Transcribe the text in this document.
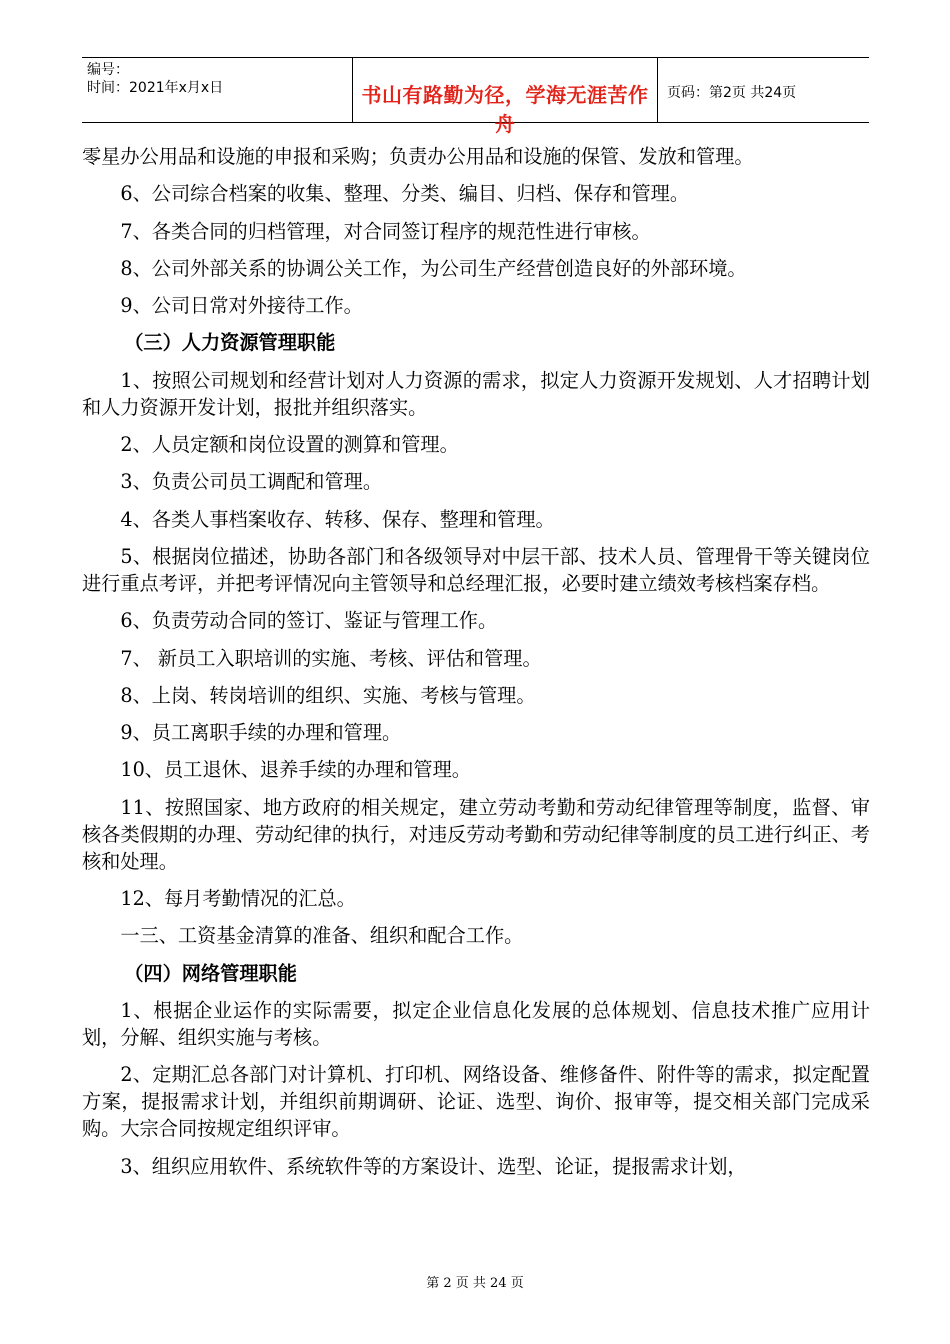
编号：
时间：2021年x月x日	书山有路勤为径，学海无涯苦作舟
页码：第2页 共24页

零星办公用品和设施的申报和采购；负责办公用品和设施的保管、发放和管理。

6、公司综合档案的收集、整理、分类、编目、归档、保存和管理。

7、各类合同的归档管理，对合同签订程序的规范性进行审核。

8、公司外部关系的协调公关工作，为公司生产经营创造良好的外部环境。

9、公司日常对外接待工作。

（三）人力资源管理职能

1、按照公司规划和经营计划对人力资源的需求，拟定人力资源开发规划、人才招聘计划和人力资源开发计划，报批并组织落实。

2、人员定额和岗位设置的测算和管理。

3、负责公司员工调配和管理。

4、各类人事档案收存、转移、保存、整理和管理。

5、根据岗位描述，协助各部门和各级领导对中层干部、技术人员、管理骨干等关键岗位进行重点考评，并把考评情况向主管领导和总经理汇报，必要时建立绩效考核档案存档。

6、负责劳动合同的签订、鉴证与管理工作。

7、 新员工入职培训的实施、考核、评估和管理。

8、上岗、转岗培训的组织、实施、考核与管理。

9、员工离职手续的办理和管理。

10、员工退休、退养手续的办理和管理。

11、按照国家、地方政府的相关规定，建立劳动考勤和劳动纪律管理等制度，监督、审核各类假期的办理、劳动纪律的执行，对违反劳动考勤和劳动纪律等制度的员工进行纠正、考核和处理。

12、每月考勤情况的汇总。

一三、工资基金清算的准备、组织和配合工作。

（四）网络管理职能

1、根据企业运作的实际需要，拟定企业信息化发展的总体规划、信息技术推广应用计划，分解、组织实施与考核。

2、定期汇总各部门对计算机、打印机、网络设备、维修备件、附件等的需求，拟定配置方案，提报需求计划，并组织前期调研、论证、选型、询价、报审等，提交相关部门完成采购。大宗合同按规定组织评审。

3、组织应用软件、系统软件等的方案设计、选型、论证，提报需求计划，

第 2 页 共 24 页
